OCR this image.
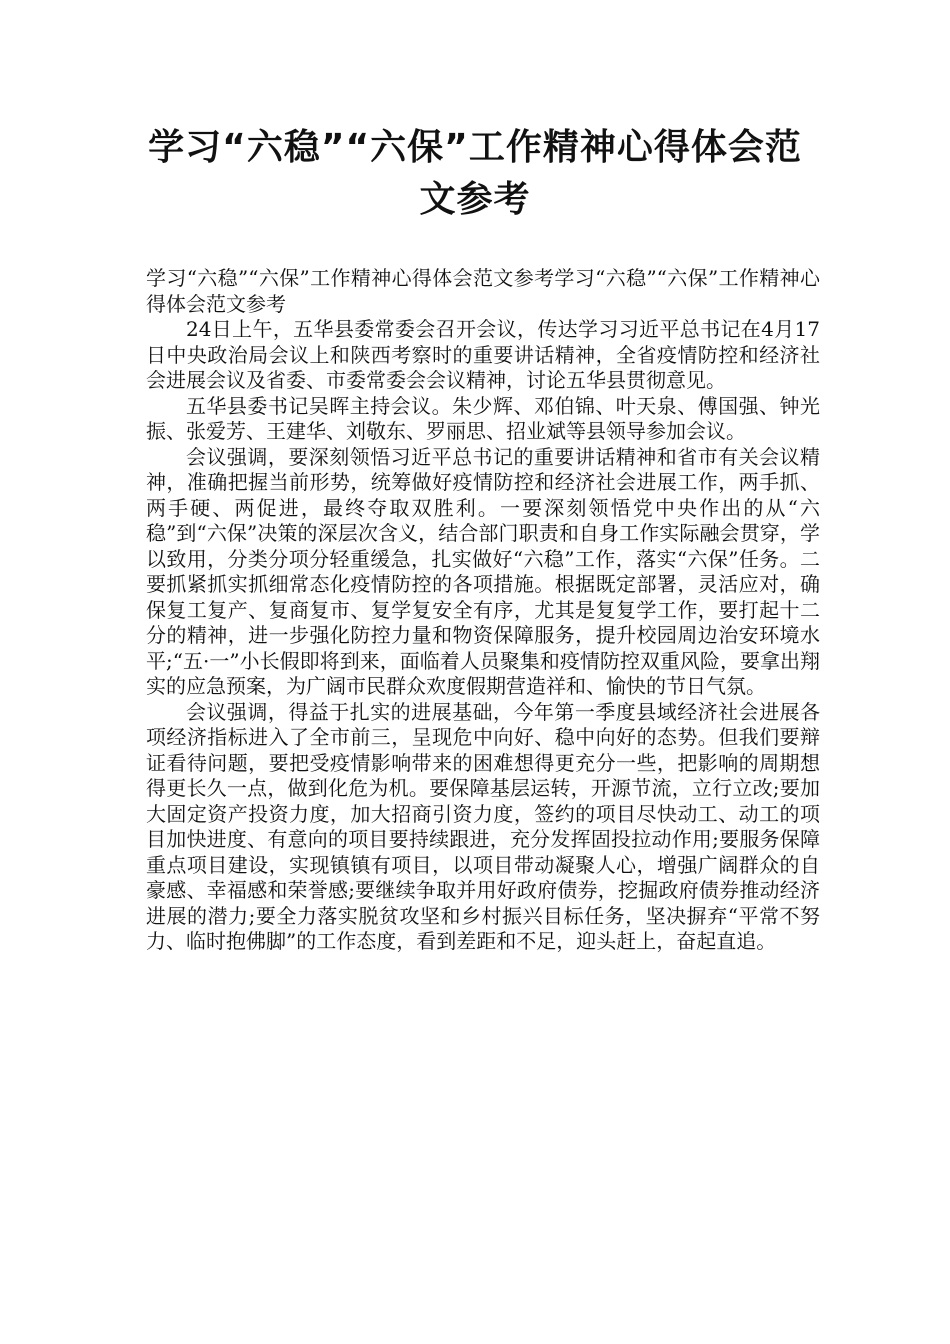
学习“六稳”“六保”工作精神心得体会范文参考

学习“六稳”“六保”工作精神心得体会范文参考学习“六稳”“六保”工作精神心得体会范文参考

24日上午，五华县委常委会召开会议，传达学习习近平总书记在4月17日中央政治局会议上和陕西考察时的重要讲话精神，全省疫情防控和经济社会进展会议及省委、市委常委会会议精神，讨论五华县贯彻意见。

五华县委书记吴晖主持会议。朱少辉、邓伯锦、叶天泉、傅国强、钟光振、张爱芳、王建华、刘敬东、罗丽思、招业斌等县领导参加会议。

会议强调，要深刻领悟习近平总书记的重要讲话精神和省市有关会议精神，准确把握当前形势，统筹做好疫情防控和经济社会进展工作，两手抓、两手硬、两促进，最终夺取双胜利。一要深刻领悟党中央作出的从“六稳”到“六保”决策的深层次含义，结合部门职责和自身工作实际融会贯穿，学以致用，分类分项分轻重缓急，扎实做好“六稳”工作，落实“六保”任务。二要抓紧抓实抓细常态化疫情防控的各项措施。根据既定部署，灵活应对，确保复工复产、复商复市、复学复安全有序，尤其是复复学工作，要打起十二分的精神，进一步强化防控力量和物资保障服务，提升校园周边治安环境水平;“五·一”小长假即将到来，面临着人员聚集和疫情防控双重风险，要拿出翔实的应急预案，为广阔市民群众欢度假期营造祥和、愉快的节日气氛。

会议强调，得益于扎实的进展基础，今年第一季度县域经济社会进展各项经济指标进入了全市前三，呈现危中向好、稳中向好的态势。但我们要辩证看待问题，要把受疫情影响带来的困难想得更充分一些，把影响的周期想得更长久一点，做到化危为机。要保障基层运转，开源节流，立行立改;要加大固定资产投资力度，加大招商引资力度，签约的项目尽快动工、动工的项目加快进度、有意向的项目要持续跟进，充分发挥固投拉动作用;要服务保障重点项目建设，实现镇镇有项目，以项目带动凝聚人心，增强广阔群众的自豪感、幸福感和荣誉感;要继续争取并用好政府债券，挖掘政府债券推动经济进展的潜力;要全力落实脱贫攻坚和乡村振兴目标任务，坚决摒弃“平常不努力、临时抱佛脚”的工作态度，看到差距和不足，迎头赶上，奋起直追。
